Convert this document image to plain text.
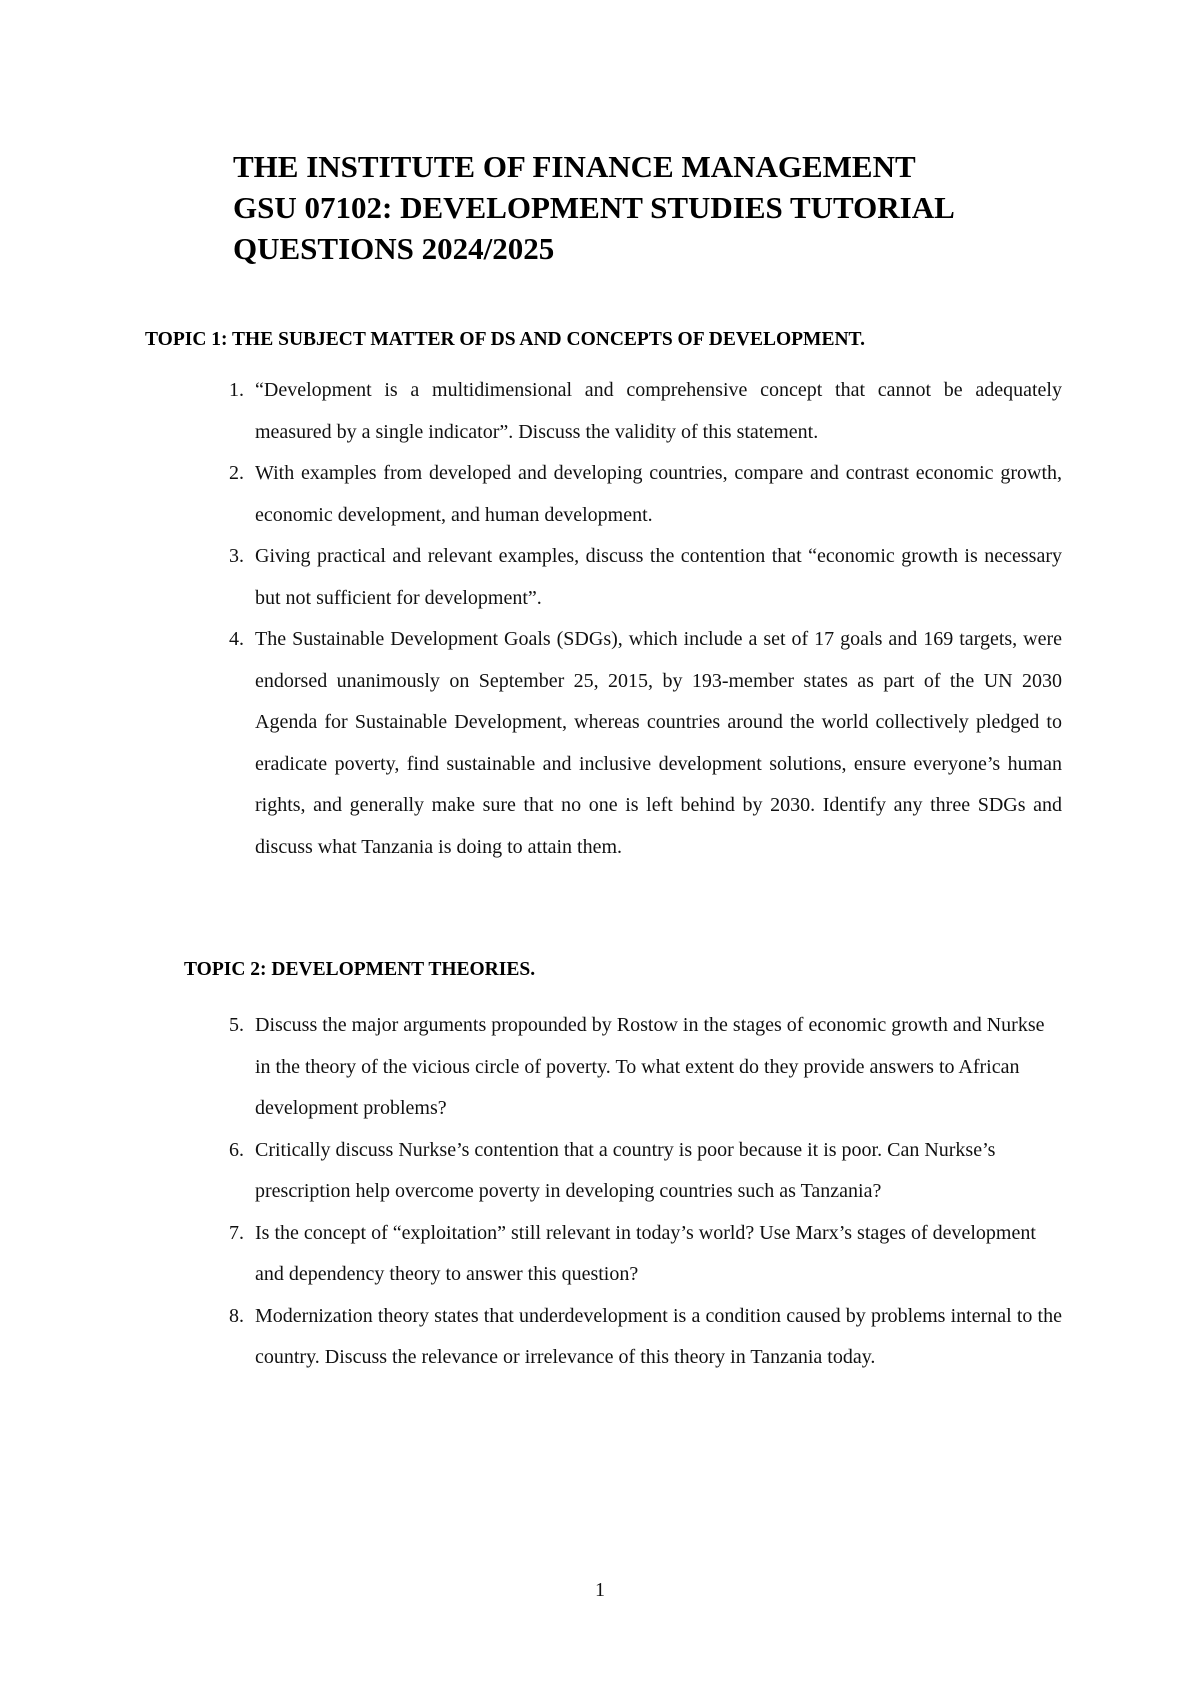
THE INSTITUTE OF FINANCE MANAGEMENT
GSU 07102: DEVELOPMENT STUDIES TUTORIAL
QUESTIONS 2024/2025
TOPIC 1: THE SUBJECT MATTER OF DS AND CONCEPTS OF DEVELOPMENT.
1. “Development is a multidimensional and comprehensive concept that cannot be adequately measured by a single indicator”. Discuss the validity of this statement.
2. With examples from developed and developing countries, compare and contrast economic growth, economic development, and human development.
3. Giving practical and relevant examples, discuss the contention that “economic growth is necessary but not sufficient for development”.
4. The Sustainable Development Goals (SDGs), which include a set of 17 goals and 169 targets, were endorsed unanimously on September 25, 2015, by 193-member states as part of the UN 2030 Agenda for Sustainable Development, whereas countries around the world collectively pledged to eradicate poverty, find sustainable and inclusive development solutions, ensure everyone’s human rights, and generally make sure that no one is left behind by 2030. Identify any three SDGs and discuss what Tanzania is doing to attain them.
TOPIC 2: DEVELOPMENT THEORIES.
5. Discuss the major arguments propounded by Rostow in the stages of economic growth and Nurkse in the theory of the vicious circle of poverty. To what extent do they provide answers to African development problems?
6. Critically discuss Nurkse’s contention that a country is poor because it is poor. Can Nurkse’s prescription help overcome poverty in developing countries such as Tanzania?
7. Is the concept of “exploitation” still relevant in today’s world? Use Marx’s stages of development and dependency theory to answer this question?
8. Modernization theory states that underdevelopment is a condition caused by problems internal to the country. Discuss the relevance or irrelevance of this theory in Tanzania today.
1
